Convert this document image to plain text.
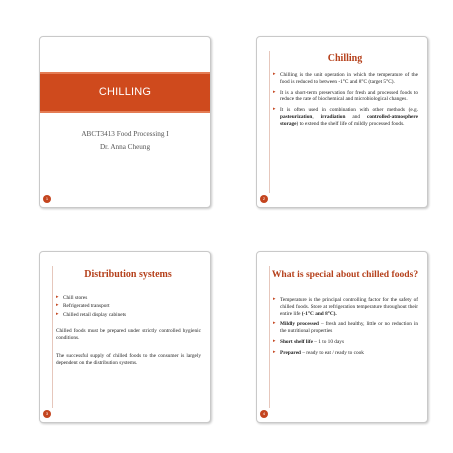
CHILLING
ABCT3413 Food Processing I
Dr. Anna Cheung
1
Chilling
▸ Chilling is the unit operation in which the temperature of the food is reduced to between -1°C and 8°C (target 5°C).
▸ It is a short-term preservation for fresh and processed foods to reduce the rate of biochemical and microbiological changes.
▸ It is often used in combination with other methods (e.g. pasteurization, irradiation and controlled-atmosphere storage) to extend the shelf life of mildly processed foods.
2
Distribution systems
▸ Chill stores
▸ Refrigerated transport
▸ Chilled retail display cabinets

Chilled foods must be prepared under strictly controlled hygienic conditions.

The successful supply of chilled foods to the consumer is largely dependent on the distribution systems.

3
What is special about chilled foods?
▸ Temperature is the principal controlling factor for the safety of chilled foods. Store at refrigeration temperature throughout their entire life (-1°C and 8°C).
▸ Mildly processed – fresh and healthy, little or no reduction in the nutritional properties
▸ Short shelf life – 1 to 10 days
▸ Prepared – ready to eat / ready to cook
4
